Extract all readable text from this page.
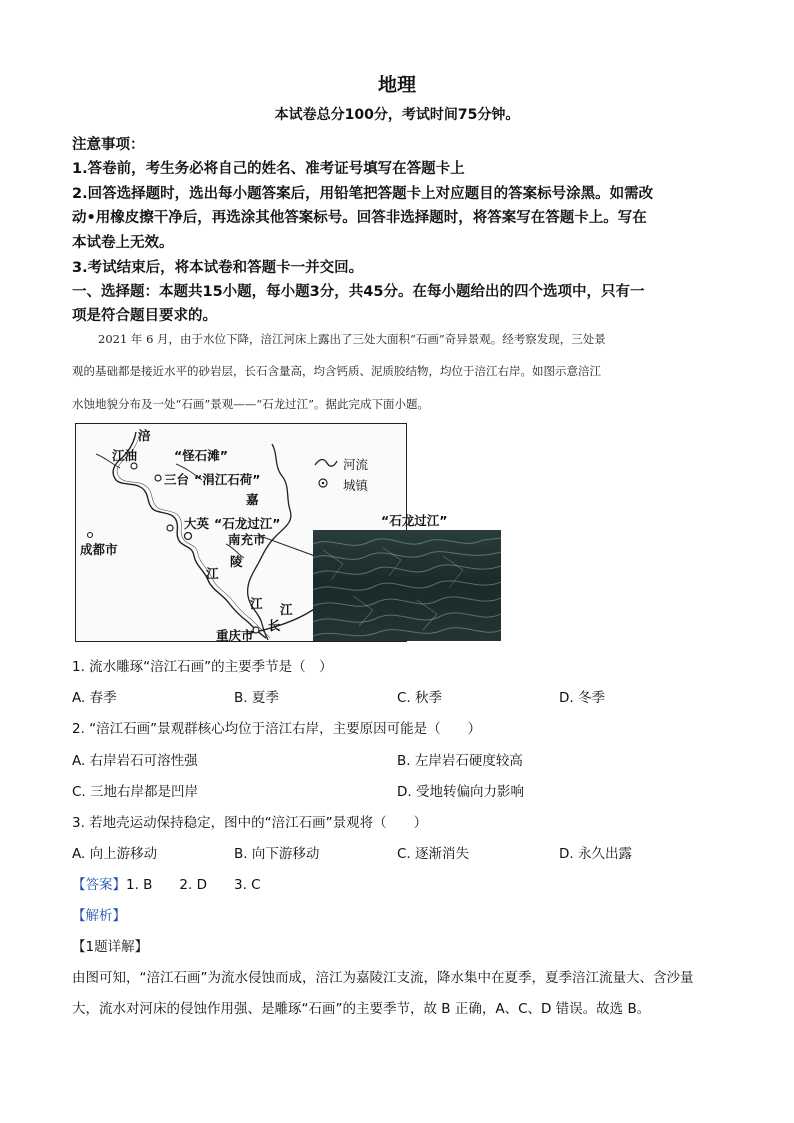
地理
本试卷总分100分，考试时间75分钟。
注意事项：
1.答卷前，考生务必将自己的姓名、准考证号填写在答题卡上
2.回答选择题时，选出每小题答案后，用铅笔把答题卡上对应题目的答案标号涂黑。如需改
动•用橡皮擦干净后，再选涂其他答案标号。回答非选择题时，将答案写在答题卡上。写在
本试卷上无效。
3.考试结束后，将本试卷和答题卡一并交回。
一、选择题：本题共15小题，每小题3分，共45分。在每小题给出的四个选项中，只有一
项是符合题目要求的。
2021 年 6 月，由于水位下降，涪江河床上露出了三处大面积“石画”奇异景观。经考察发现，三处景
观的基础都是接近水平的砂岩层，长石含量高，均含钙质、泥质胶结物，均位于涪江右岸。如图示意涪江
水蚀地貌分布及一处“石画”景观——“石龙过江”。据此完成下面小题。
涪
江油	“怪石滩”
三台 “涓江石荷”
嘉
大英 “石龙过江”
南充市
成都市
陵
江
江 江
长
重庆市
河流
城镇
“石龙过江”
1. 流水雕琢“涪江石画”的主要季节是（　）
A. 春季	B. 夏季	C. 秋季	D. 冬季
2. “涪江石画”景观群核心均位于涪江右岸，主要原因可能是（　　）
A. 右岸岩石可溶性强	B. 左岸岩石硬度较高
C. 三地右岸都是凹岸	D. 受地转偏向力影响
3. 若地壳运动保持稳定，图中的“涪江石画”景观将（　　）
A. 向上游移动	B. 向下游移动	C. 逐渐消失	D. 永久出露
【答案】1. B　　2. D　　3. C
【解析】
【1题详解】
由图可知，“涪江石画”为流水侵蚀而成，涪江为嘉陵江支流，降水集中在夏季，夏季涪江流量大、含沙量
大，流水对河床的侵蚀作用强、是雕琢“石画”的主要季节，故 B 正确，A、C、D 错误。故选 B。
